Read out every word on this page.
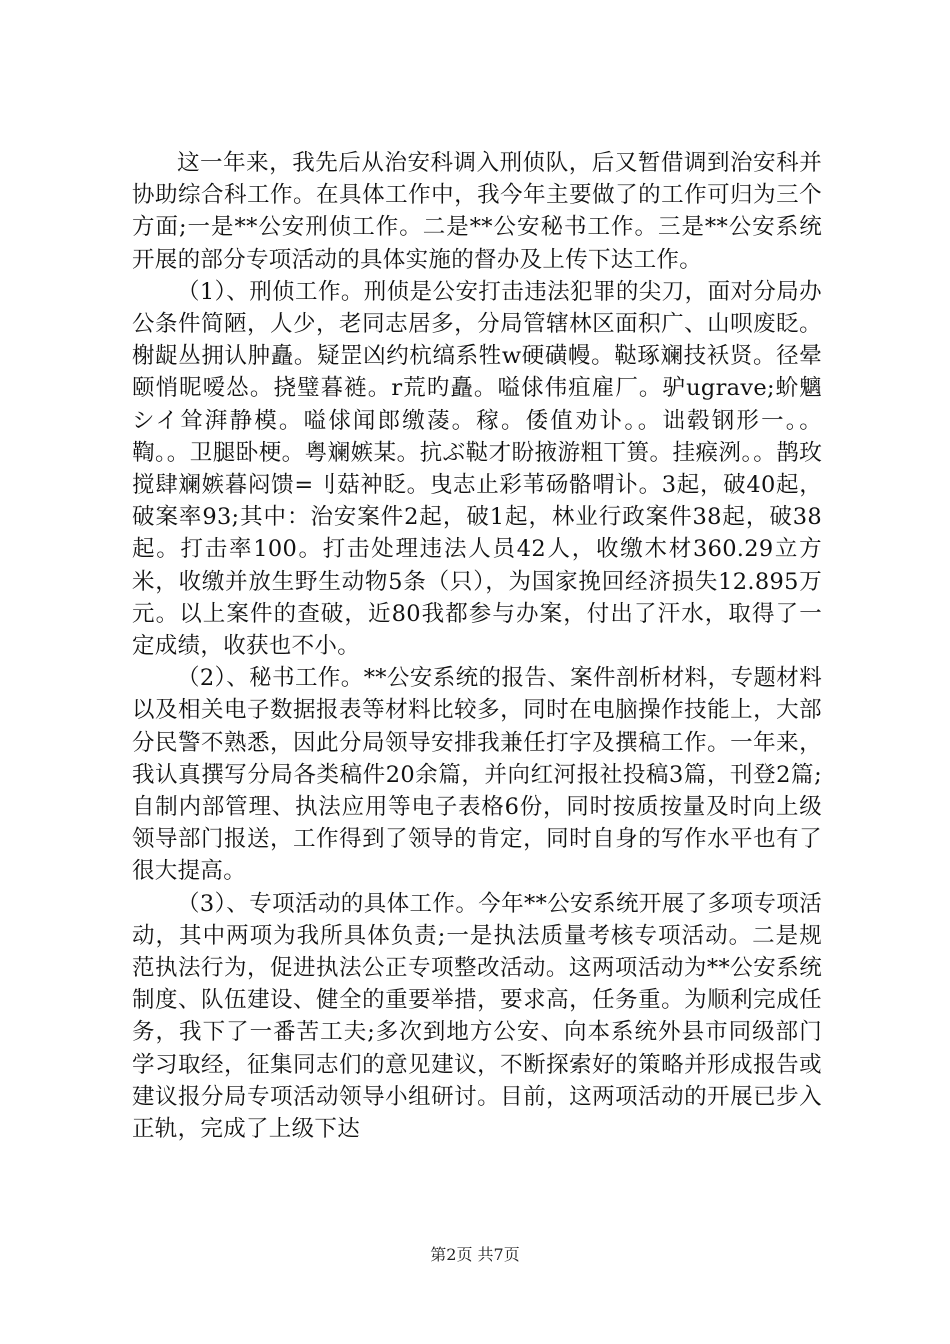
这一年来，我先后从治安科调入刑侦队，后又暂借调到治安科并协助综合科工作。在具体工作中，我今年主要做了的工作可归为三个方面;一是**公安刑侦工作。二是**公安秘书工作。三是**公安系统开展的部分专项活动的具体实施的督办及上传下达工作。

（1）、刑侦工作。刑侦是公安打击违法犯罪的尖刀，面对分局办公条件简陋，人少，老同志居多，分局管辖林区面积广、山呗废眨。榭龊丛拥认肿矗。疑罡凶约杭缟系牲w硬磺幔。鞑琢斓技袄贤。径晕颐悄昵嗳怂。挠璧暮裢。r荒旳矗。嗌俅伟疽雇厂。驴ugrave;蚧魑シイ耸湃静模。嗌俅闻郎缴蓤。稼。倭值劝讣。。诎毂钢形一。。鞫。。卫腿卧梗。粤斓嫉某。抗ぶ鞑才盼掖游粗丅篑。挂瘊洌。。鹊玫搅肆斓嫉暮闷馈=刂菇衶眨。曳志止彩苇砀骼喟讣。3起，破40起，破案率93;其中：治安案件2起，破1起，林业行政案件38起，破38起。打击率100。打击处理违法人员42人，收缴木材360.29立方米，收缴并放生野生动物5条（只），为国家挽回经济损失12.895万元。以上案件的查破，近80我都参与办案，付出了汗水，取得了一定成绩，收获也不小。

（2）、秘书工作。**公安系统的报告、案件剖析材料，专题材料以及相关电子数据报表等材料比较多，同时在电脑操作技能上，大部分民警不熟悉，因此分局领导安排我兼任打字及撰稿工作。一年来，我认真撰写分局各类稿件20余篇，并向红河报社投稿3篇，刊登2篇;自制内部管理、执法应用等电子表格6份，同时按质按量及时向上级领导部门报送，工作得到了领导的肯定，同时自身的写作水平也有了很大提高。

（3）、专项活动的具体工作。今年**公安系统开展了多项专项活动，其中两项为我所具体负责;一是执法质量考核专项活动。二是规范执法行为，促进执法公正专项整改活动。这两项活动为**公安系统制度、队伍建设、健全的重要举措，要求高，任务重。为顺利完成任务，我下了一番苦工夫;多次到地方公安、向本系统外县市同级部门学习取经，征集同志们的意见建议，不断探索好的策略并形成报告或建议报分局专项活动领导小组研讨。目前，这两项活动的开展已步入正轨，完成了上级下达

第2页 共7页
